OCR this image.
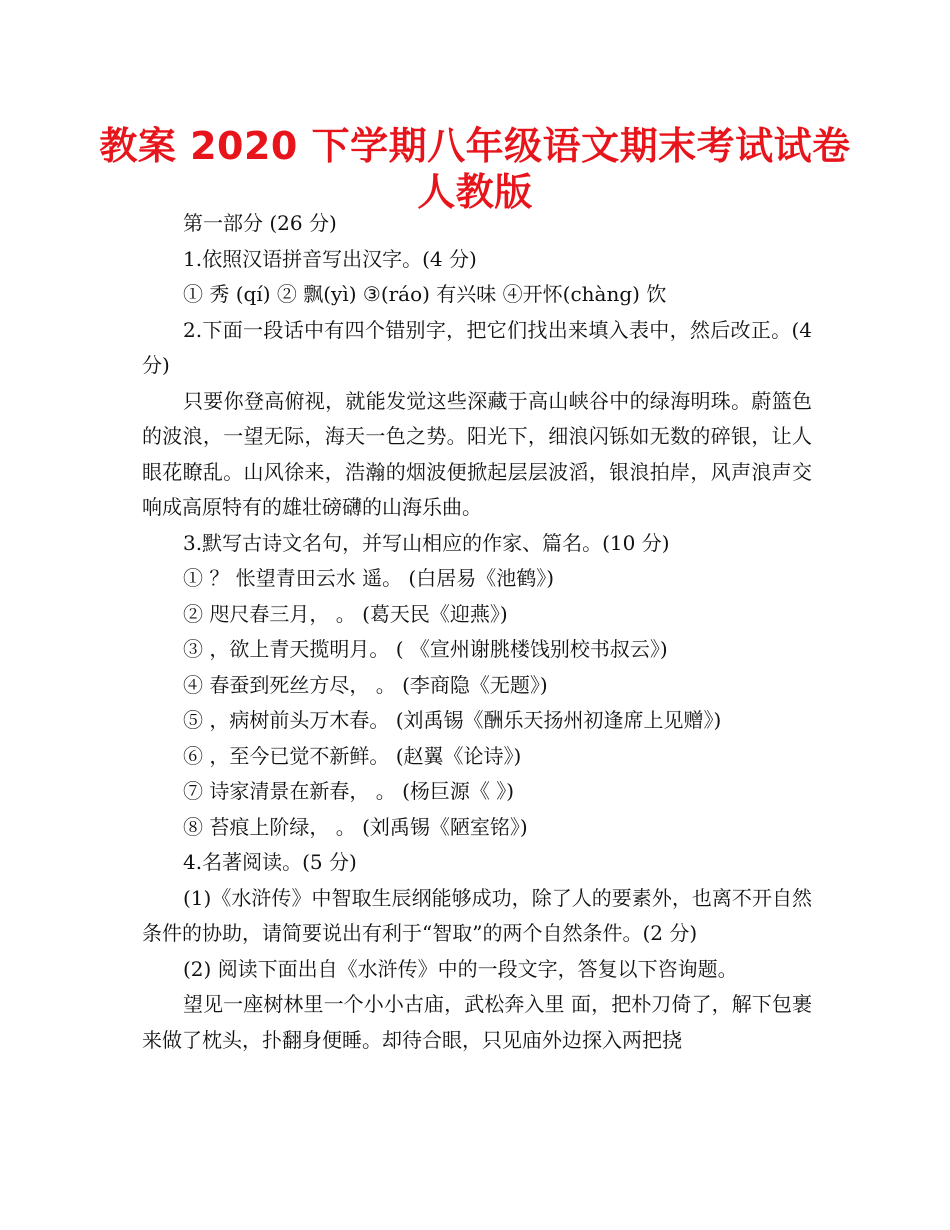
教案 2020 下学期八年级语文期末考试试卷
人教版

第一部分 (26 分)

1.依照汉语拼音写出汉字。(4 分)

① 秀 (qí) ② 飘(yì) ③(ráo) 有兴味 ④开怀(chàng) 饮

2.下面一段话中有四个错别字，把它们找出来填入表中，然后改正。(4 分)

只要你登高俯视，就能发觉这些深藏于高山峡谷中的绿海明珠。蔚篮色的波浪，一望无际，海天一色之势。阳光下，细浪闪铄如无数的碎银，让人眼花瞭乱。山风徐来，浩瀚的烟波便掀起层层波滔，银浪拍岸，风声浪声交响成高原特有的雄壮磅礴的山海乐曲。

3.默写古诗文名句，并写山相应的作家、篇名。(10 分)

① ？ 怅望青田云水 遥。 (白居易《池鹤》)

② 咫尺春三月， 。 (葛天民《迎燕》)

③ ，欲上青天揽明月。 ( 《宣州谢朓楼饯别校书叔云》)

④ 春蚕到死丝方尽， 。 (李商隐《无题》)

⑤ ，病树前头万木春。 (刘禹锡《酬乐天扬州初逢席上见赠》)

⑥ ，至今已觉不新鲜。 (赵翼《论诗》)

⑦ 诗家清景在新春， 。 (杨巨源《 》)

⑧ 苔痕上阶绿， 。 (刘禹锡《陋室铭》)

4.名著阅读。(5 分)

(1)《水浒传》中智取生辰纲能够成功，除了人的要素外，也离不开自然条件的协助，请简要说出有利于“智取”的两个自然条件。(2 分)

(2) 阅读下面出自《水浒传》中的一段文字，答复以下咨询题。

望见一座树林里一个小小古庙，武松奔入里 面，把朴刀倚了，解下包裹来做了枕头，扑翻身便睡。却待合眼，只见庙外边探入两把挠
